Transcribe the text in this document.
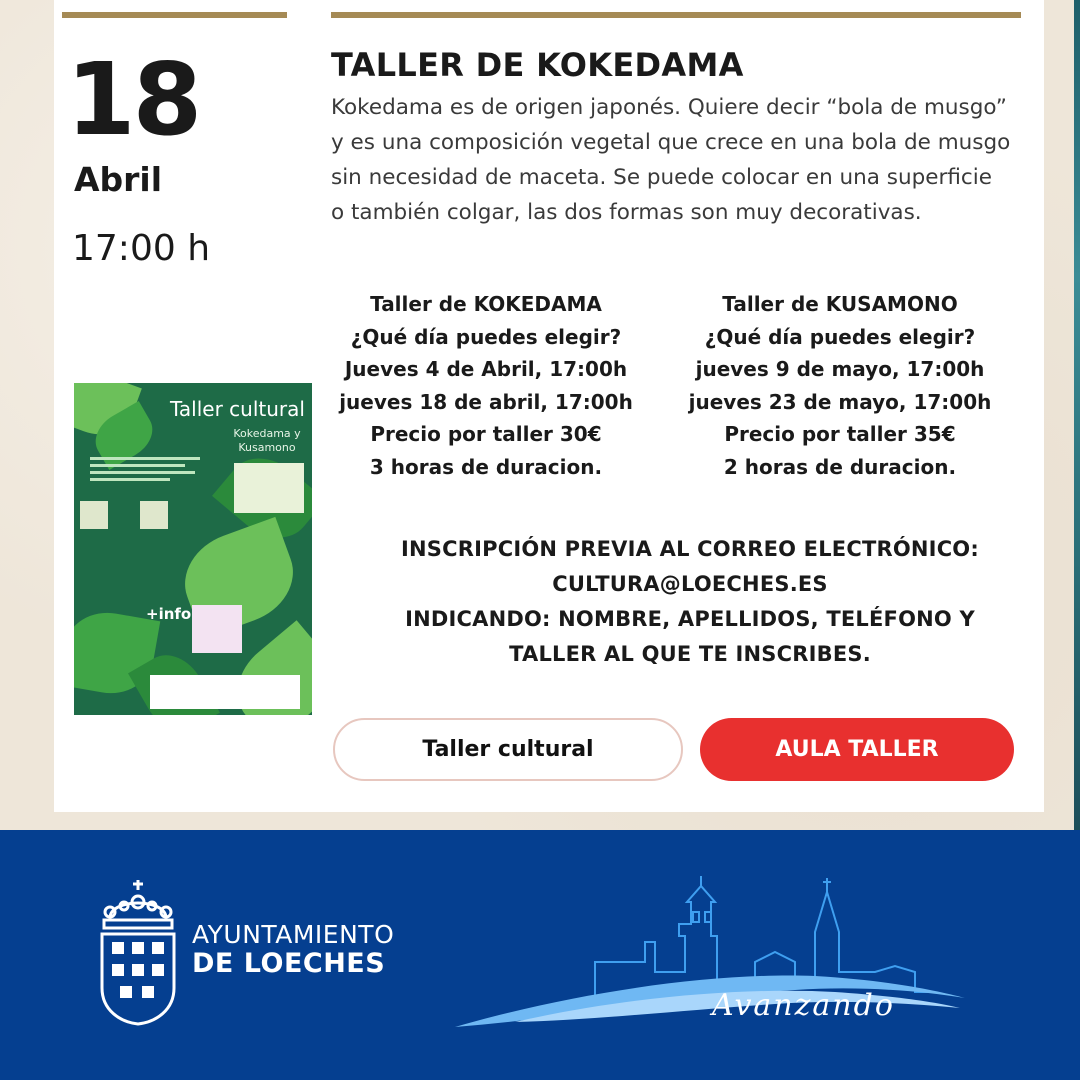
18
Abril
17:00 h
TALLER DE KOKEDAMA
Kokedama es de origen japonés. Quiere decir “bola de musgo” y es una composición vegetal que crece en una bola de musgo sin necesidad de maceta. Se puede colocar en una superficie o también colgar, las dos formas son muy decorativas.
Taller de KOKEDAMA
¿Qué día puedes elegir?
Jueves 4 de Abril, 17:00h
jueves 18 de abril, 17:00h
Precio por taller 30€
3 horas de duracion.
Taller de KUSAMONO
¿Qué día puedes elegir?
jueves 9 de mayo, 17:00h
jueves 23 de mayo, 17:00h
Precio por taller 35€
2 horas de duracion.
INSCRIPCIÓN PREVIA AL CORREO ELECTRÓNICO:
CULTURA@LOECHES.ES
INDICANDO: NOMBRE, APELLIDOS, TELÉFONO Y
TALLER AL QUE TE INSCRIBES.
Taller cultural	AULA TALLER
Taller cultural
Kokedama y Kusamono
+info
AYUNTAMIENTO
DE LOECHES
Avanzando
